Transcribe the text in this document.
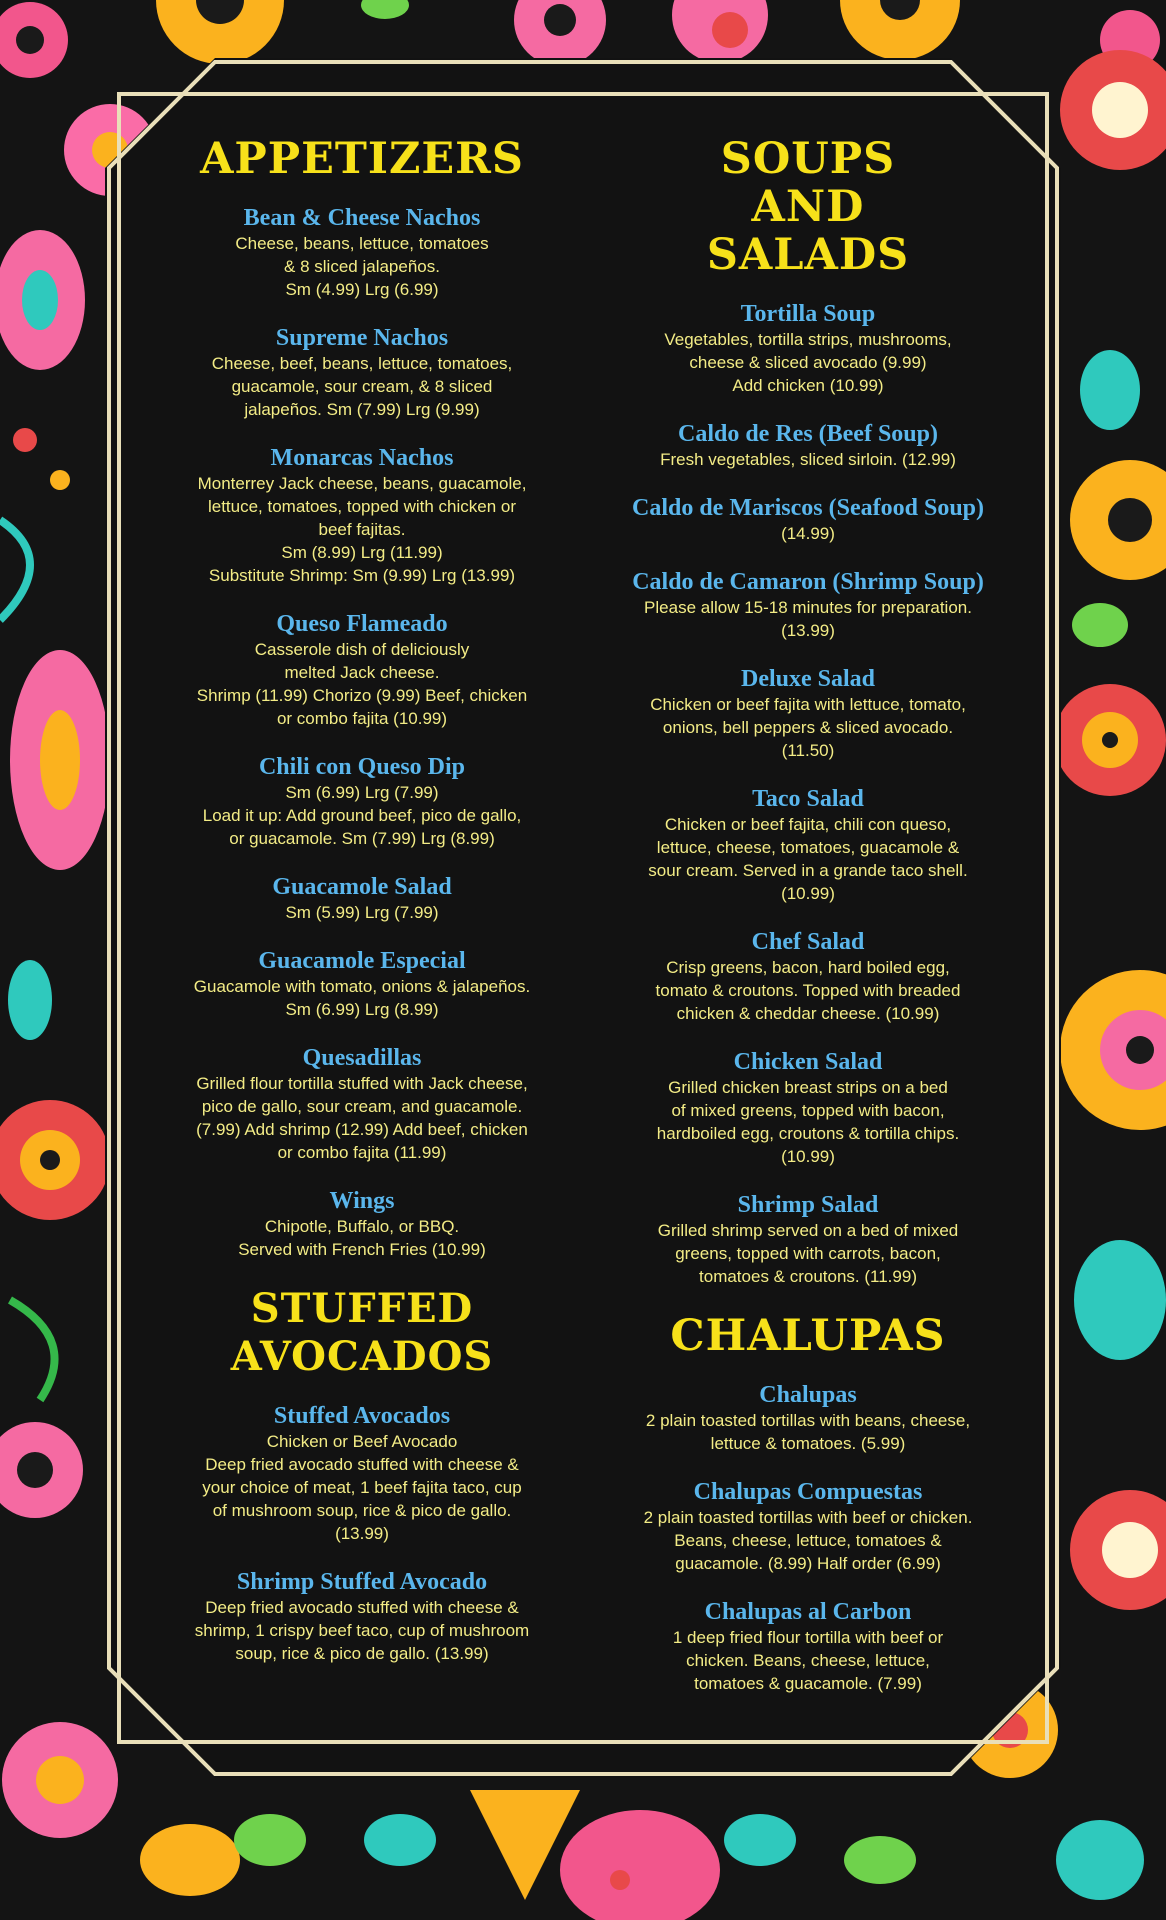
APPETIZERS
Bean & Cheese Nachos
Cheese, beans, lettuce, tomatoes
& 8 sliced jalapeños.
Sm (4.99) Lrg (6.99)
Supreme Nachos
Cheese, beef, beans, lettuce, tomatoes,
guacamole, sour cream, & 8 sliced
jalapeños. Sm (7.99) Lrg (9.99)
Monarcas Nachos
Monterrey Jack cheese, beans, guacamole,
lettuce, tomatoes, topped with chicken or
beef fajitas.
Sm (8.99) Lrg (11.99)
Substitute Shrimp: Sm (9.99) Lrg (13.99)
Queso Flameado
Casserole dish of deliciously
melted Jack cheese.
Shrimp (11.99) Chorizo (9.99) Beef, chicken
or combo fajita (10.99)
Chili con Queso Dip
Sm (6.99) Lrg (7.99)
Load it up: Add ground beef, pico de gallo,
or guacamole. Sm (7.99) Lrg (8.99)
Guacamole Salad
Sm (5.99) Lrg (7.99)
Guacamole Especial
Guacamole with tomato, onions & jalapeños.
Sm (6.99) Lrg (8.99)
Quesadillas
Grilled flour tortilla stuffed with Jack cheese,
pico de gallo, sour cream, and guacamole.
(7.99) Add shrimp (12.99) Add beef, chicken
or combo fajita (11.99)
Wings
Chipotle, Buffalo, or BBQ.
Served with French Fries (10.99)
STUFFED AVOCADOS
Stuffed Avocados
Chicken or Beef Avocado
Deep fried avocado stuffed with cheese &
your choice of meat, 1 beef fajita taco, cup
of mushroom soup, rice & pico de gallo.
(13.99)
Shrimp Stuffed Avocado
Deep fried avocado stuffed with cheese &
shrimp, 1 crispy beef taco, cup of mushroom
soup, rice & pico de gallo. (13.99)
SOUPS AND SALADS
Tortilla Soup
Vegetables, tortilla strips, mushrooms,
cheese & sliced avocado (9.99)
Add chicken (10.99)
Caldo de Res (Beef Soup)
Fresh vegetables, sliced sirloin. (12.99)
Caldo de Mariscos (Seafood Soup)
(14.99)
Caldo de Camaron (Shrimp Soup)
Please allow 15-18 minutes for preparation.
(13.99)
Deluxe Salad
Chicken or beef fajita with lettuce, tomato,
onions, bell peppers & sliced avocado.
(11.50)
Taco Salad
Chicken or beef fajita, chili con queso,
lettuce, cheese, tomatoes, guacamole &
sour cream. Served in a grande taco shell.
(10.99)
Chef Salad
Crisp greens, bacon, hard boiled egg,
tomato & croutons. Topped with breaded
chicken & cheddar cheese. (10.99)
Chicken Salad
Grilled chicken breast strips on a bed
of mixed greens, topped with bacon,
hardboiled egg, croutons & tortilla chips.
(10.99)
Shrimp Salad
Grilled shrimp served on a bed of mixed
greens, topped with carrots, bacon,
tomatoes & croutons. (11.99)
CHALUPAS
Chalupas
2 plain toasted tortillas with beans, cheese,
lettuce & tomatoes. (5.99)
Chalupas Compuestas
2 plain toasted tortillas with beef or chicken.
Beans, cheese, lettuce, tomatoes &
guacamole. (8.99) Half order (6.99)
Chalupas al Carbon
1 deep fried flour tortilla with beef or
chicken. Beans, cheese, lettuce,
tomatoes & guacamole. (7.99)
